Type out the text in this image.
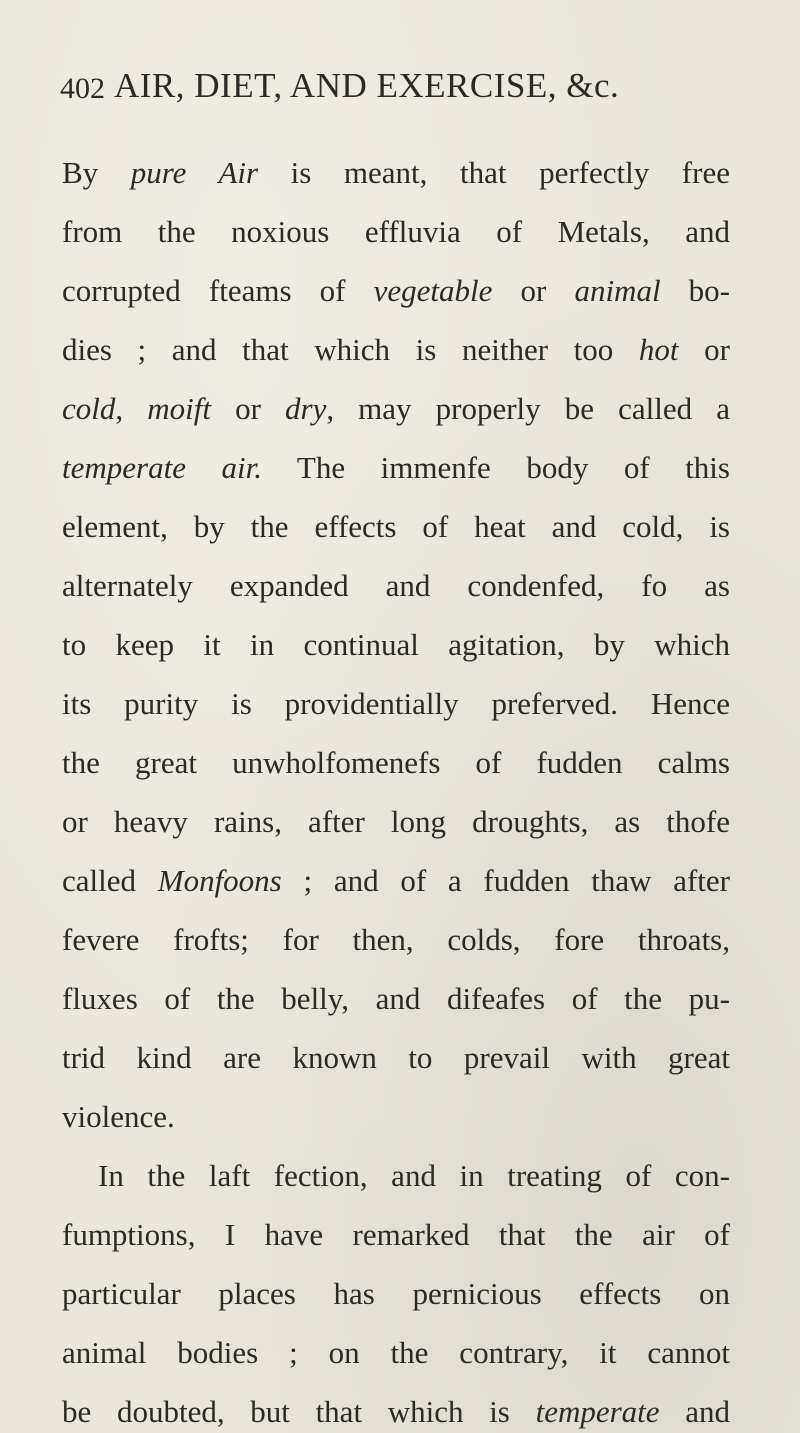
402 AIR, DIET, AND EXERCISE, &c.
By pure Air is meant, that perfectly free
from the noxious effluvia of Metals, and
corrupted fteams of vegetable or animal bo-
dies ; and that which is neither too hot or
cold, moift or dry, may properly be called a
temperate air. The immenfe body of this
element, by the effects of heat and cold, is
alternately expanded and condenfed, fo as
to keep it in continual agitation, by which
its purity is providentially preferved. Hence
the great unwholfomenefs of fudden calms
or heavy rains, after long droughts, as thofe
called Monfoons ; and of a fudden thaw after
fevere frofts; for then, colds, fore throats,
fluxes of the belly, and difeafes of the pu-
trid kind are known to prevail with great
violence.
In the laft fection, and in treating of con-
fumptions, I have remarked that the air of
particular places has pernicious effects on
animal bodies ; on the contrary, it cannot
be doubted, but that which is temperate and
